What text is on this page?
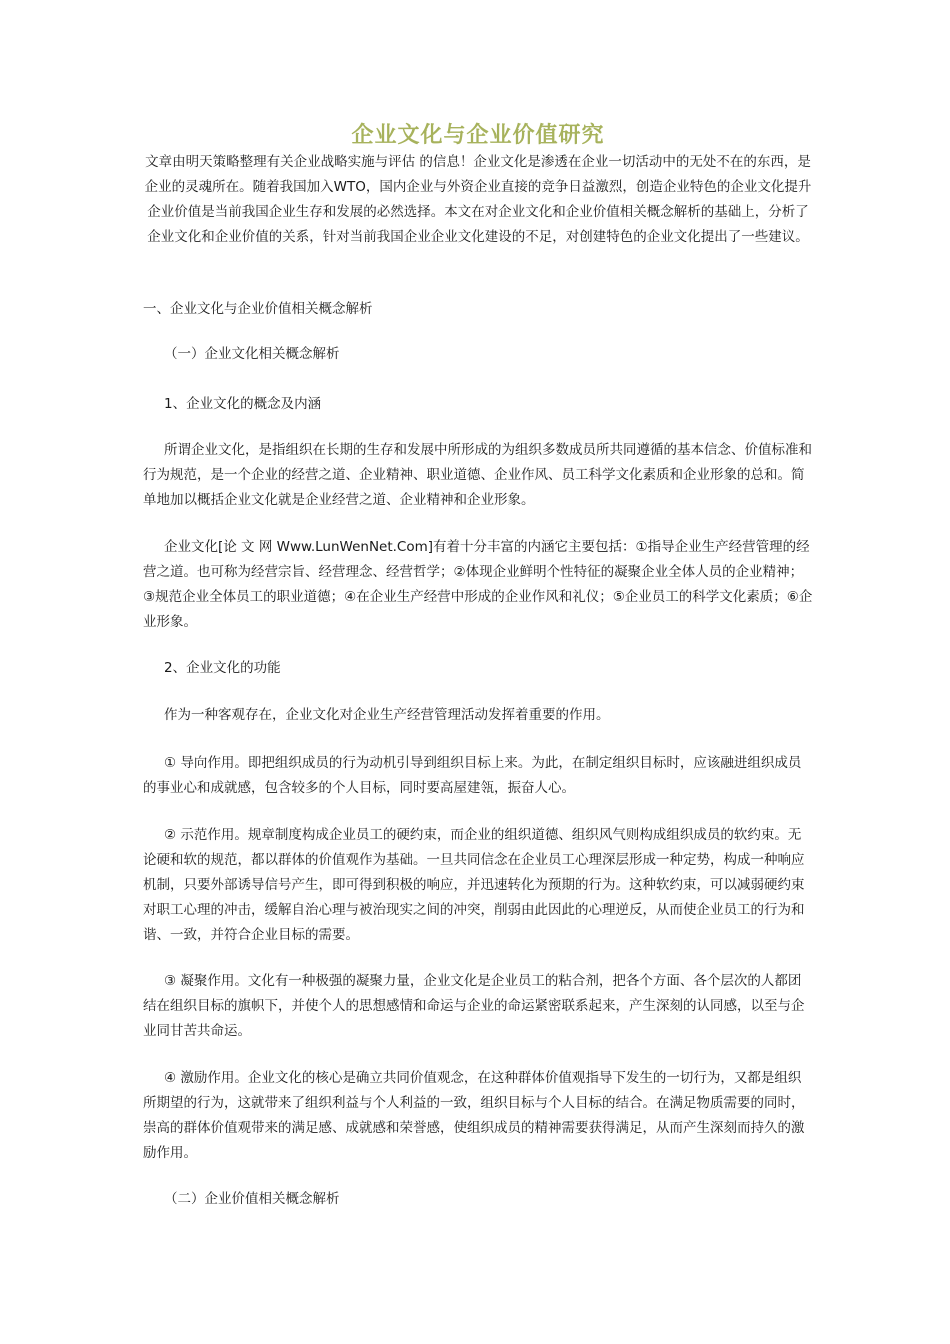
企业文化与企业价值研究
文章由明天策略整理有关企业战略实施与评估 的信息！企业文化是渗透在企业一切活动中的无处不在的东西，是企业的灵魂所在。随着我国加入WTO，国内企业与外资企业直接的竞争日益激烈，创造企业特色的企业文化提升企业价值是当前我国企业生存和发展的必然选择。本文在对企业文化和企业价值相关概念解析的基础上，分析了企业文化和企业价值的关系，针对当前我国企业企业文化建设的不足，对创建特色的企业文化提出了一些建议。
一、企业文化与企业价值相关概念解析
（一）企业文化相关概念解析
1、企业文化的概念及内涵

所谓企业文化，是指组织在长期的生存和发展中所形成的为组织多数成员所共同遵循的基本信念、价值标准和行为规范，是一个企业的经营之道、企业精神、职业道德、企业作风、员工科学文化素质和企业形象的总和。简单地加以概括企业文化就是企业经营之道、企业精神和企业形象。

企业文化[论 文 网 Www.LunWenNet.Com]有着十分丰富的内涵它主要包括：①指导企业生产经营管理的经营之道。也可称为经营宗旨、经营理念、经营哲学；②体现企业鲜明个性特征的凝聚企业全体人员的企业精神；③规范企业全体员工的职业道德；④在企业生产经营中形成的企业作风和礼仪；⑤企业员工的科学文化素质；⑥企业形象。

2、企业文化的功能

作为一种客观存在，企业文化对企业生产经营管理活动发挥着重要的作用。

① 导向作用。即把组织成员的行为动机引导到组织目标上来。为此，在制定组织目标时，应该融进组织成员的事业心和成就感，包含较多的个人目标，同时要高屋建瓴，振奋人心。

② 示范作用。规章制度构成企业员工的硬约束，而企业的组织道德、组织风气则构成组织成员的软约束。无论硬和软的规范，都以群体的价值观作为基础。一旦共同信念在企业员工心理深层形成一种定势，构成一种响应机制，只要外部诱导信号产生，即可得到积极的响应，并迅速转化为预期的行为。这种软约束，可以减弱硬约束对职工心理的冲击，缓解自治心理与被治现实之间的冲突，削弱由此因此的心理逆反，从而使企业员工的行为和谐、一致，并符合企业目标的需要。

③ 凝聚作用。文化有一种极强的凝聚力量，企业文化是企业员工的粘合剂，把各个方面、各个层次的人都团结在组织目标的旗帜下，并使个人的思想感情和命运与企业的命运紧密联系起来，产生深刻的认同感，以至与企业同甘苦共命运。

④ 激励作用。企业文化的核心是确立共同价值观念，在这种群体价值观指导下发生的一切行为，又都是组织所期望的行为，这就带来了组织利益与个人利益的一致，组织目标与个人目标的结合。在满足物质需要的同时，崇高的群体价值观带来的满足感、成就感和荣誉感，使组织成员的精神需要获得满足，从而产生深刻而持久的激励作用。

（二）企业价值相关概念解析
